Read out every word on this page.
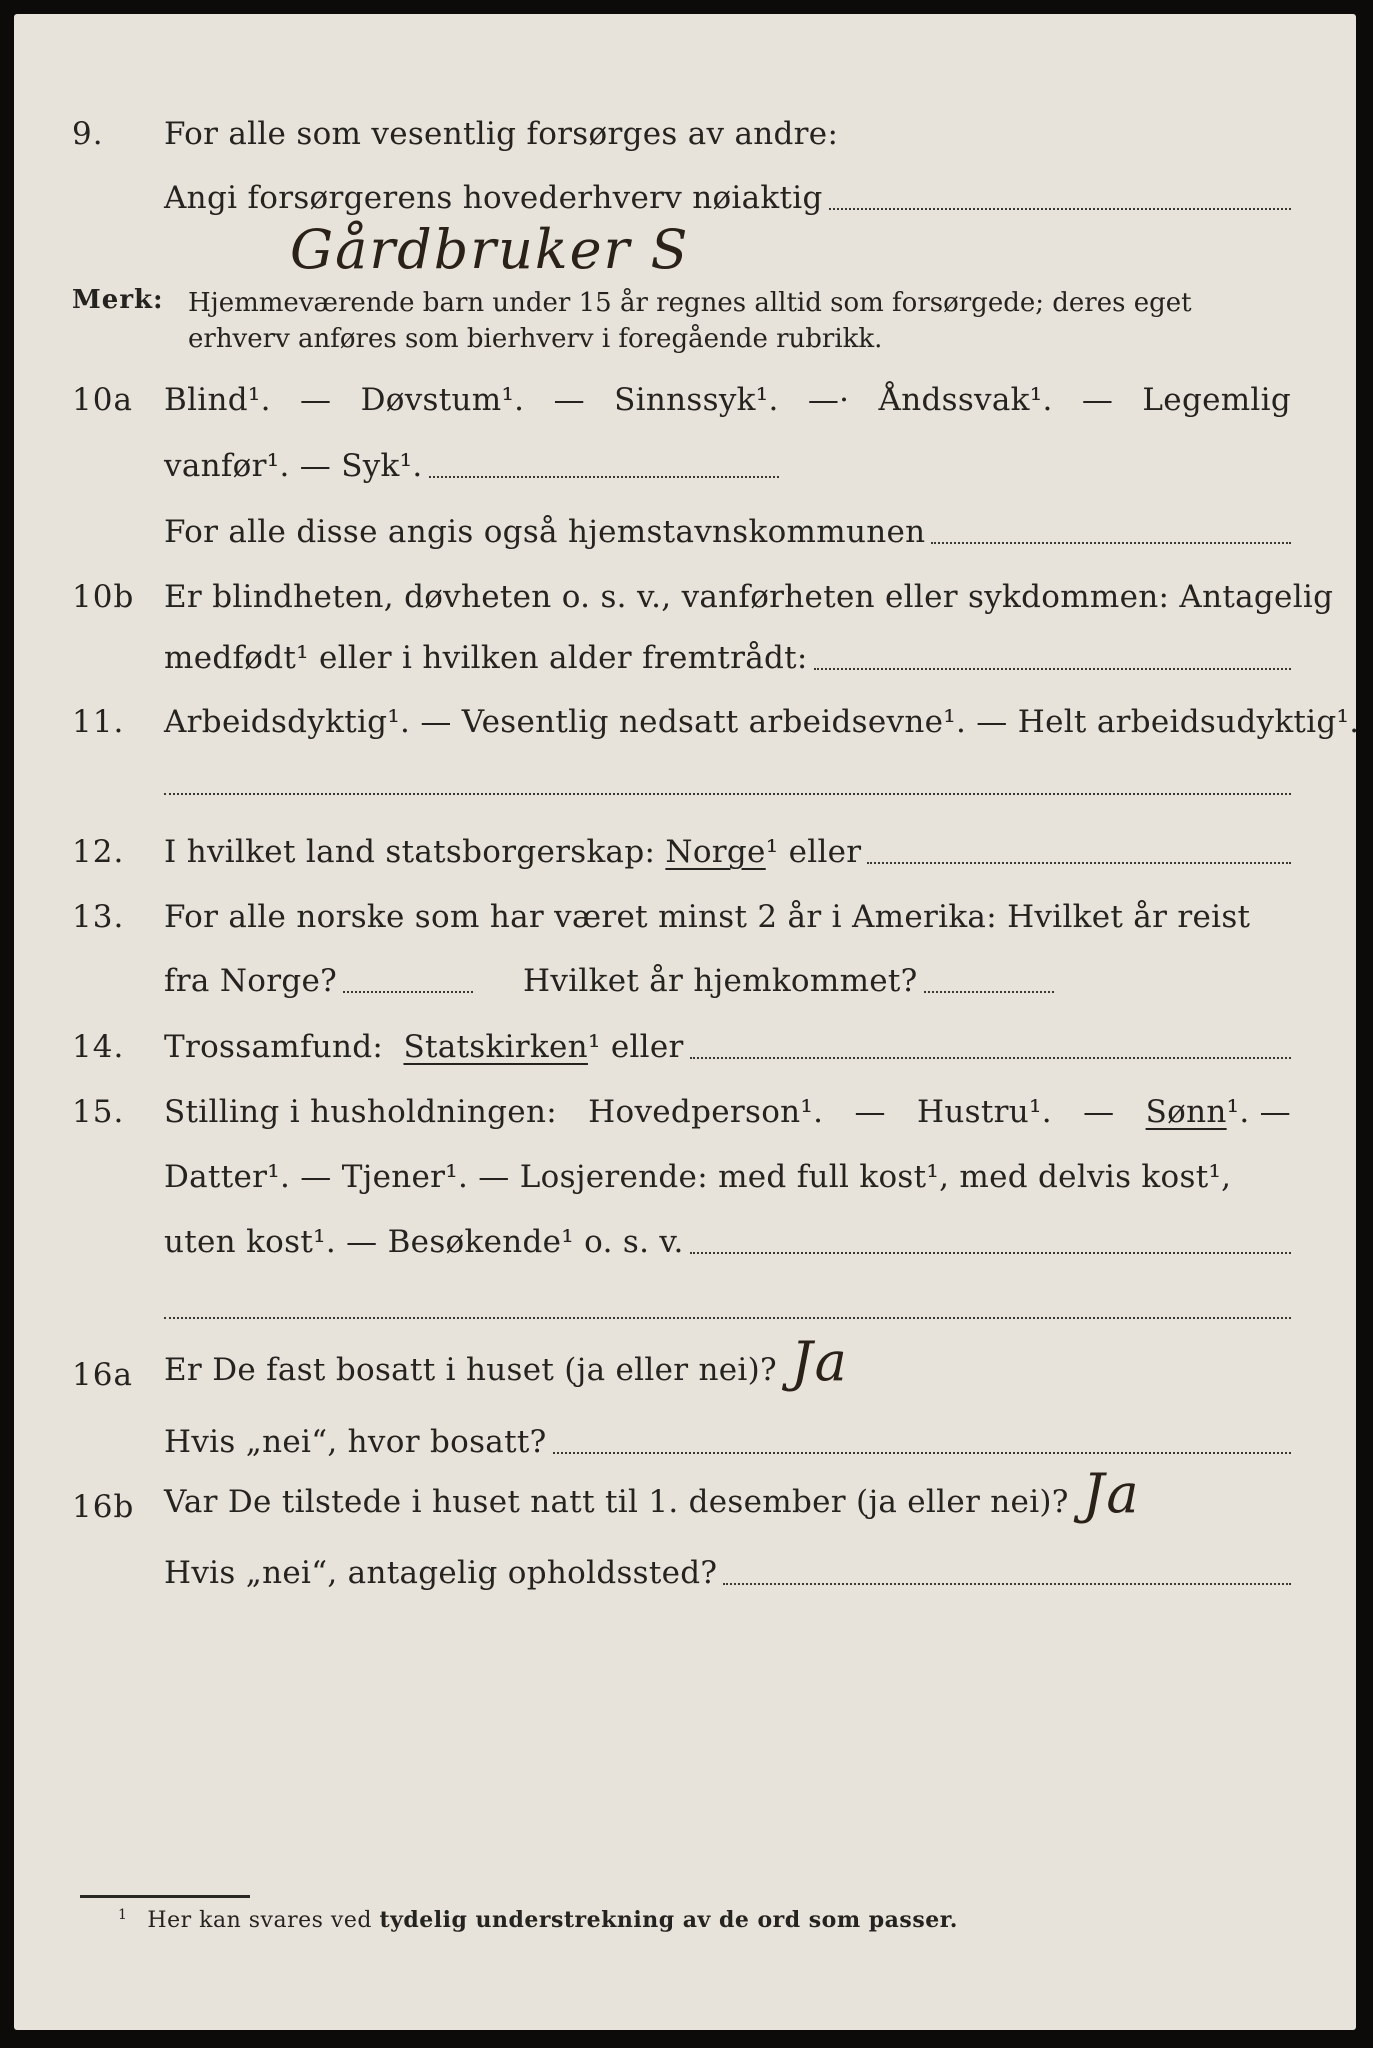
9. For alle som vesentlig forsørges av andre:
Angi forsørgerens hovederhverv nøiaktig
Gårdbruker S
Merk: Hjemmeværende barn under 15 år regnes alltid som forsørgede; deres eget erhverv anføres som bierhverv i foregående rubrikk.
10a Blind¹. — Døvstum¹. — Sinnssyk¹. —· Åndssvak¹. — Legemlig
vanfør¹. — Syk¹.
For alle disse angis også hjemstavnskommunen
10b Er blindheten, døvheten o. s. v., vanførheten eller sykdommen: Antagelig
medfødt¹ eller i hvilken alder fremtrådt:
11. Arbeidsdyktig¹. — Vesentlig nedsatt arbeidsevne¹. — Helt arbeidsudyktig¹.
12. I hvilket land statsborgerskap:
Norge ¹ eller
13. For alle norske som har været minst 2 år i Amerika: Hvilket år reist
fra Norge?	Hvilket år hjemkommet?
14. Trossamfund:
Statskirken ¹ eller
15. Stilling i husholdningen: Hovedperson¹. — Hustru¹. — Sønn¹. —
Datter¹. — Tjener¹. — Losjerende: med full kost¹, med delvis kost¹,
uten kost¹. — Besøkende¹ o. s. v.
16a Er De fast bosatt i huset (ja eller nei)? Ja
Hvis „nei“, hvor bosatt?
16b Var De tilstede i huset natt til 1. desember (ja eller nei)? Ja
Hvis „nei“, antagelig opholdssted?
$^1$ Her kan svares ved tydelig understrekning av de ord som passer.
